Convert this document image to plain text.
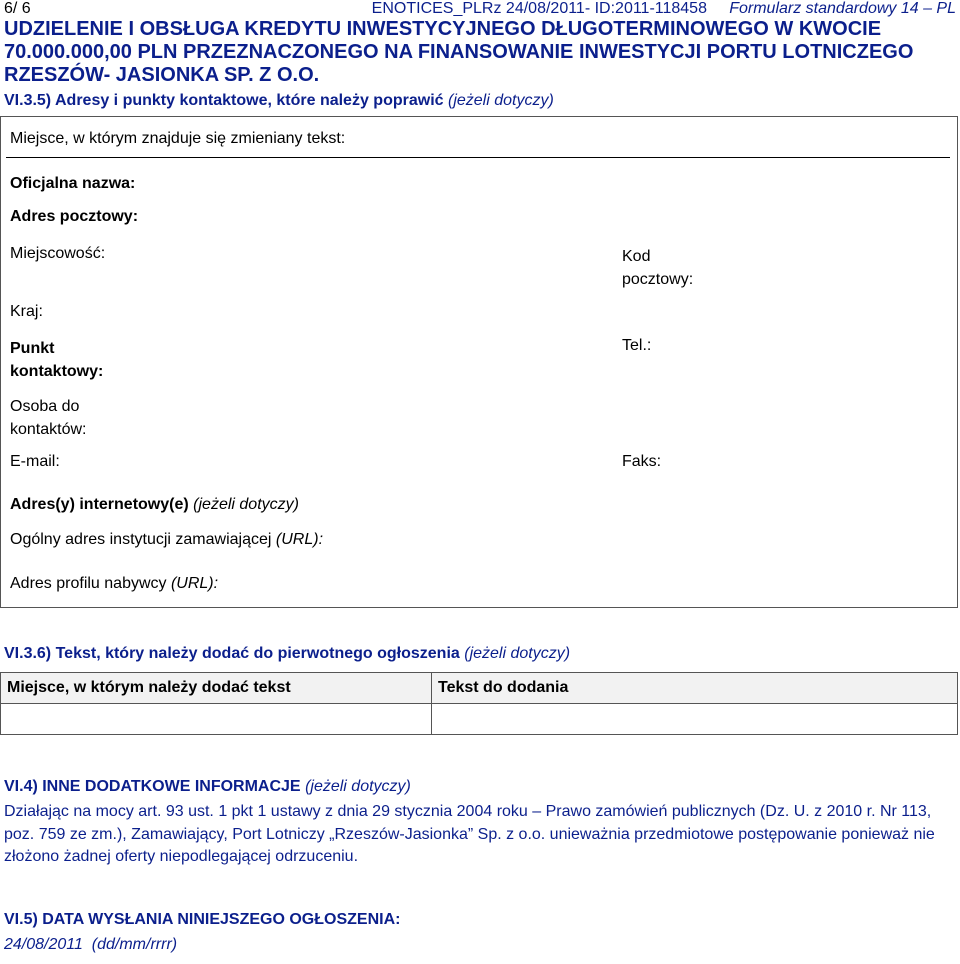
6/ 6	ENOTICES_PLRz 24/08/2011- ID:2011-118458 Formularz standardowy 14 – PL
UDZIELENIE I OBSŁUGA KREDYTU INWESTYCYJNEGO DŁUGOTERMINOWEGO W KWOCIE 70.000.000,00 PLN PRZEZNACZONEGO NA FINANSOWANIE INWESTYCJI PORTU LOTNICZEGO RZESZÓW- JASIONKA SP. Z O.O.
VI.3.5) Adresy i punkty kontaktowe, które należy poprawić (jeżeli dotyczy)
Miejsce, w którym znajduje się zmieniany tekst:
Oficjalna nazwa:
Adres pocztowy:
Miejscowość:	Kod pocztowy:
Kraj:
Punkt kontaktowy:
Tel.:
Osoba do kontaktów:
E-mail:	Faks:
Adres(y) internetowy(e) (jeżeli dotyczy)
Ogólny adres instytucji zamawiającej (URL):
Adres profilu nabywcy (URL):
VI.3.6) Tekst, który należy dodać do pierwotnego ogłoszenia (jeżeli dotyczy)
Miejsce, w którym należy dodać tekst	Tekst do dodania

VI.4) INNE DODATKOWE INFORMACJE (jeżeli dotyczy)
Działając na mocy art. 93 ust. 1 pkt 1 ustawy z dnia 29 stycznia 2004 roku – Prawo zamówień publicznych (Dz. U. z 2010 r. Nr 113, poz. 759 ze zm.), Zamawiający, Port Lotniczy „Rzeszów-Jasionka” Sp. z o.o. unieważnia przedmiotowe postępowanie ponieważ nie złożono żadnej oferty niepodlegającej odrzuceniu.
VI.5) DATA WYSŁANIA NINIEJSZEGO OGŁOSZENIA:
24/08/2011 (dd/mm/rrrr)
